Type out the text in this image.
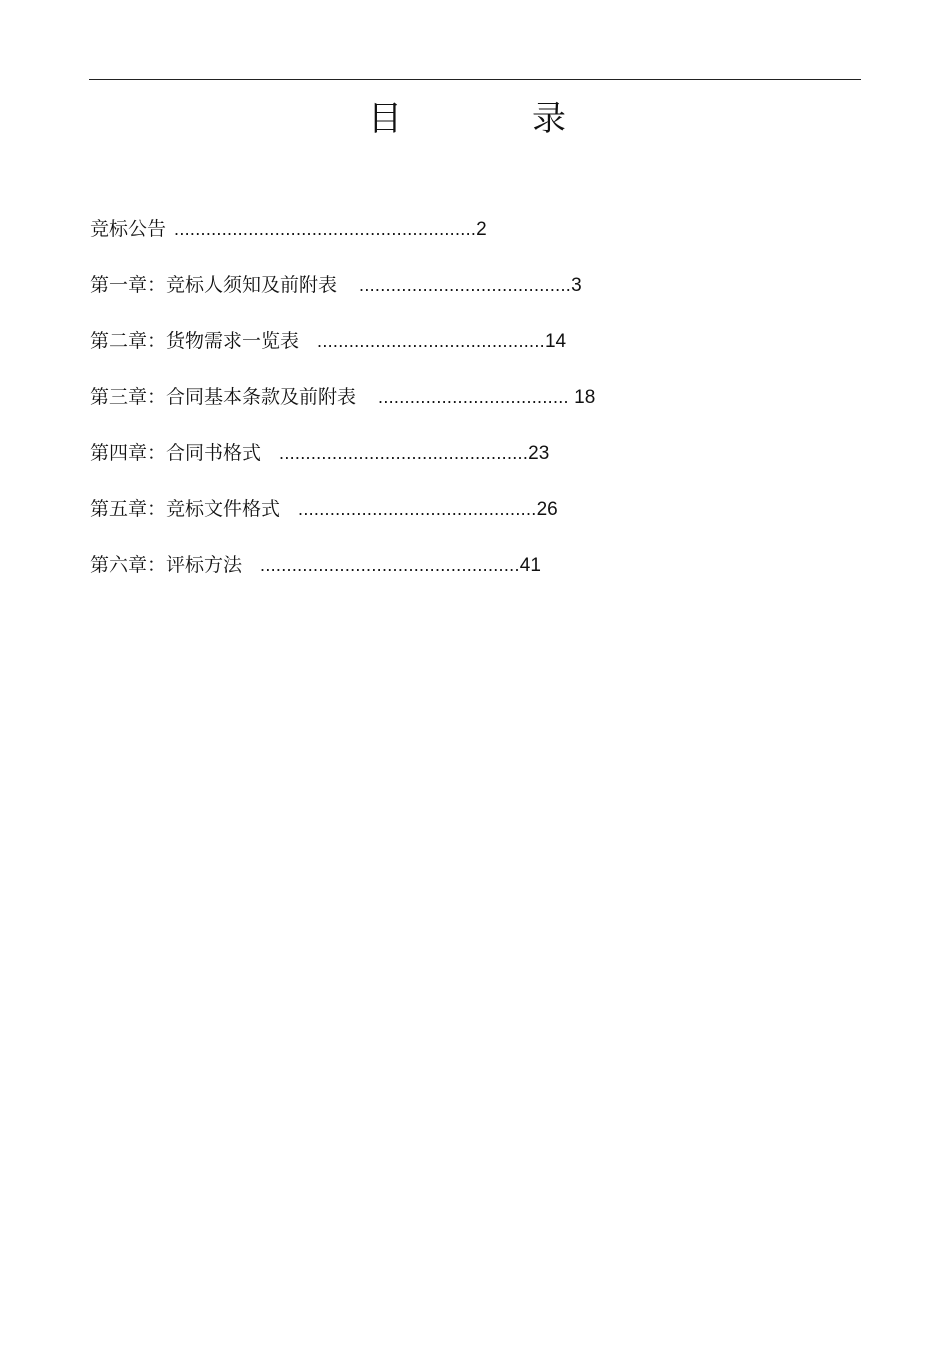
目　录
竞标公告 .........................................................2
第一章：竞标人须知及前附表 ........................................3
第二章：货物需求一览表 ...........................................14
第三章：合同基本条款及前附表 .................................... 18
第四章：合同书格式 ...............................................23
第五章：竞标文件格式 .............................................26
第六章：评标方法 .................................................41
